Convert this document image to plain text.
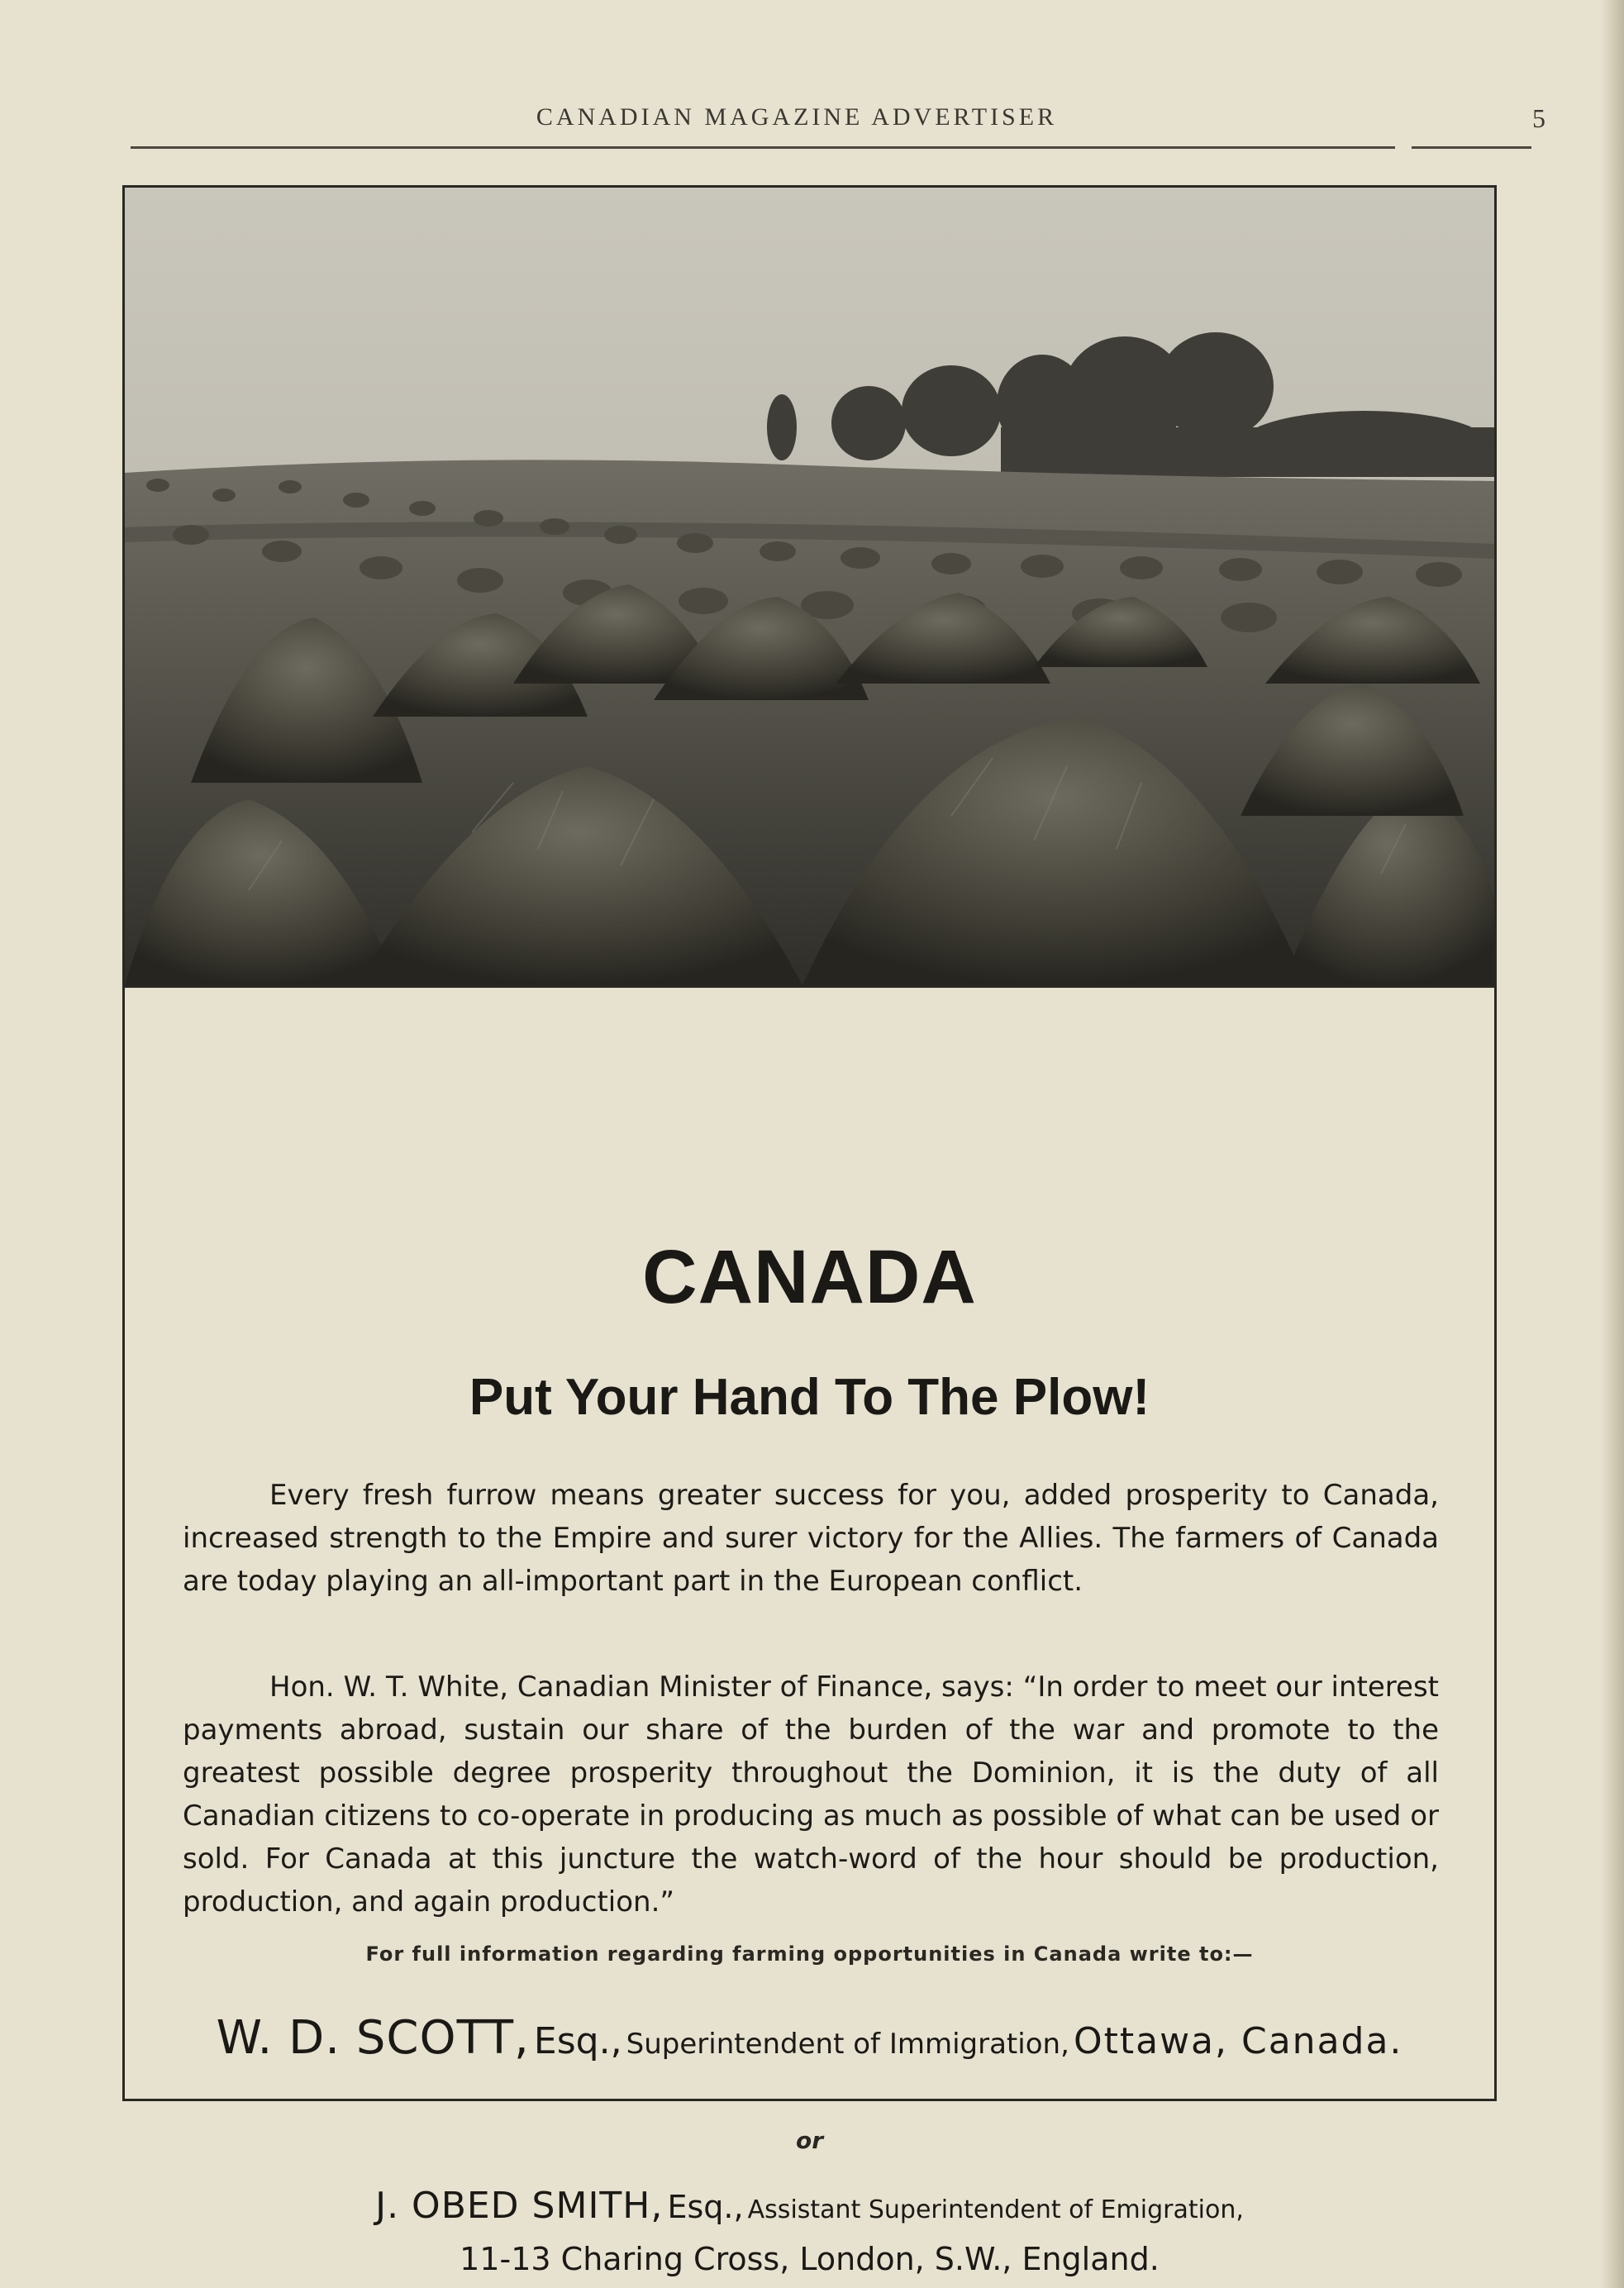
CANADIAN MAGAZINE ADVERTISER	5
CANADA
Put Your Hand To The Plow!

Every fresh furrow means greater success for you, added prosperity to Canada, increased strength to the Empire and surer victory for the Allies. The farmers of Canada are today playing an all-important part in the European conflict.

Hon. W. T. White, Canadian Minister of Finance, says: “In order to meet our interest payments abroad, sustain our share of the burden of the war and promote to the greatest possible degree prosperity throughout the Dominion, it is the duty of all Canadian citizens to co-operate in producing as much as possible of what can be used or sold. For Canada at this juncture the watch-word of the hour should be production, production, and again production.”

For full information regarding farming opportunities in Canada write to:—
W. D. SCOTT, Esq., Superintendent of Immigration, Ottawa, Canada.
or
J. OBED SMITH, Esq., Assistant Superintendent of Emigration,
11-13 Charing Cross, London, S.W., England.
